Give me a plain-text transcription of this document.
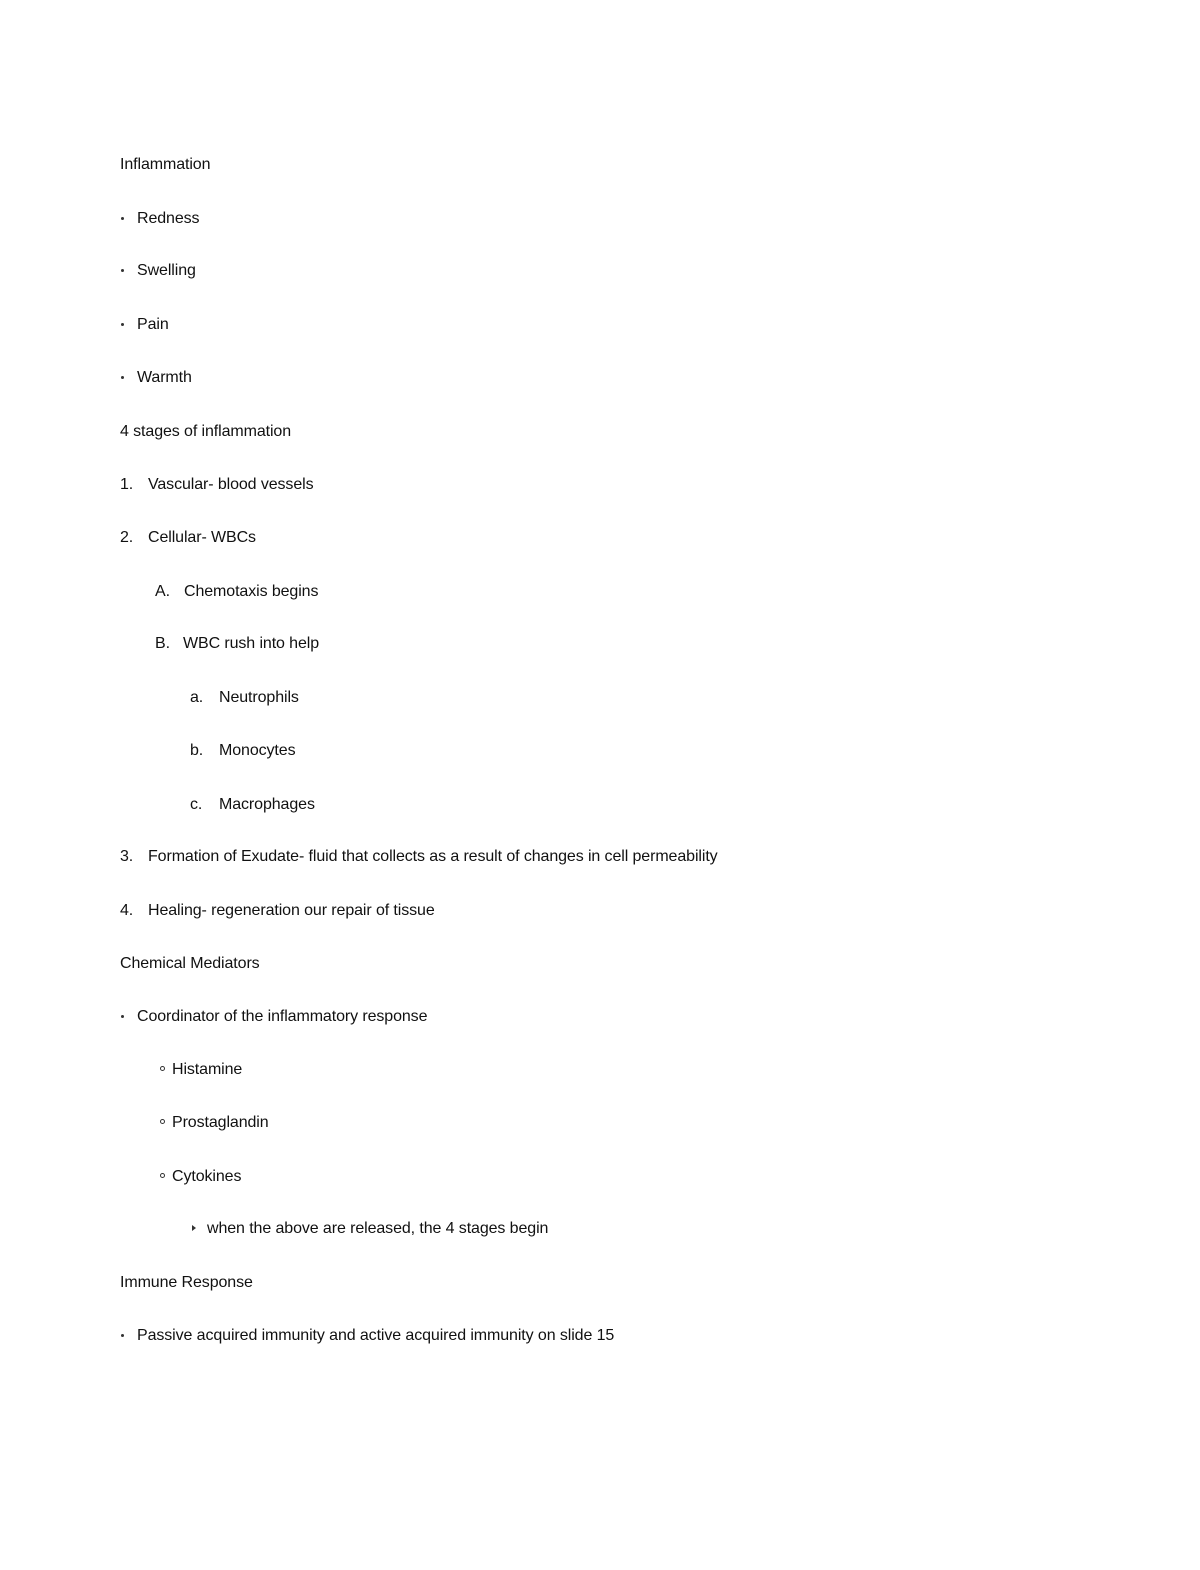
Inflammation
Redness
Swelling
Pain
Warmth
4 stages of inflammation
1. Vascular- blood vessels
2. Cellular- WBCs
A. Chemotaxis begins
B. WBC rush into help
a. Neutrophils
b. Monocytes
c. Macrophages
3. Formation of Exudate- fluid that collects as a result of changes in cell permeability
4. Healing- regeneration our repair of tissue
Chemical Mediators
Coordinator of the inflammatory response
Histamine
Prostaglandin
Cytokines
when the above are released, the 4 stages begin
Immune Response
Passive acquired immunity and active acquired immunity on slide 15
